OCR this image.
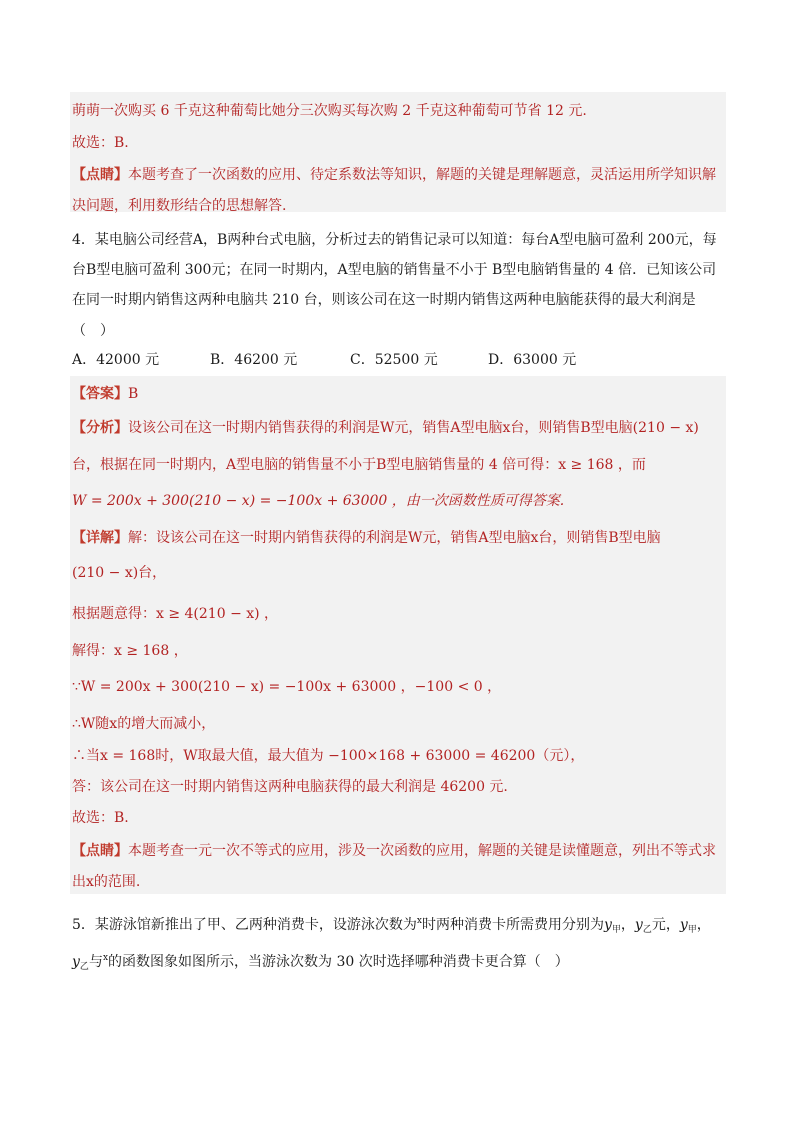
萌萌一次购买 6 千克这种葡萄比她分三次购买每次购 2 千克这种葡萄可节省 12 元.
故选：B.
【点睛】本题考查了一次函数的应用、待定系数法等知识，解题的关键是理解题意，灵活运用所学知识解
决问题，利用数形结合的思想解答.
4．某电脑公司经营A，B两种台式电脑，分析过去的销售记录可以知道：每台A型电脑可盈利 200元，每
台B型电脑可盈利 300元；在同一时期内，A型电脑的销售量不小于 B型电脑销售量的 4 倍．已知该公司
在同一时期内销售这两种电脑共 210 台，则该公司在这一时期内销售这两种电脑能获得的最大利润是
（　）
A．42000 元	B．46200 元	C．52500 元	D．63000 元
【答案】B
【分析】设该公司在这一时期内销售获得的利润是W元，销售A型电脑x台，则销售B型电脑(210 − x)
台，根据在同一时期内，A型电脑的销售量不小于B型电脑销售量的 4 倍可得：x ≥ 168 ，而
W = 200x + 300(210 − x) = −100x + 63000 ，由一次函数性质可得答案.
【详解】解：设该公司在这一时期内销售获得的利润是W元，销售A型电脑x台，则销售B型电脑
(210 − x)台，
根据题意得：x ≥ 4(210 − x) ，
解得：x ≥ 168 ，
∵W = 200x + 300(210 − x) = −100x + 63000 ，−100 < 0 ，
∴W随x的增大而减小，
∴当x = 168时，W取最大值，最大值为 −100×168 + 63000 = 46200（元），
答：该公司在这一时期内销售这两种电脑获得的最大利润是 46200 元.
故选：B.
【点睛】本题考查一元一次不等式的应用，涉及一次函数的应用，解题的关键是读懂题意，列出不等式求
出x的范围.
5．某游泳馆新推出了甲、乙两种消费卡，设游泳次数为$^x$时两种消费卡所需费用分别为$y_甲$，$y_乙$元，$y_甲$，
$y_乙$与$^x$的函数图象如图所示，当游泳次数为 30 次时选择哪种消费卡更合算（　）
